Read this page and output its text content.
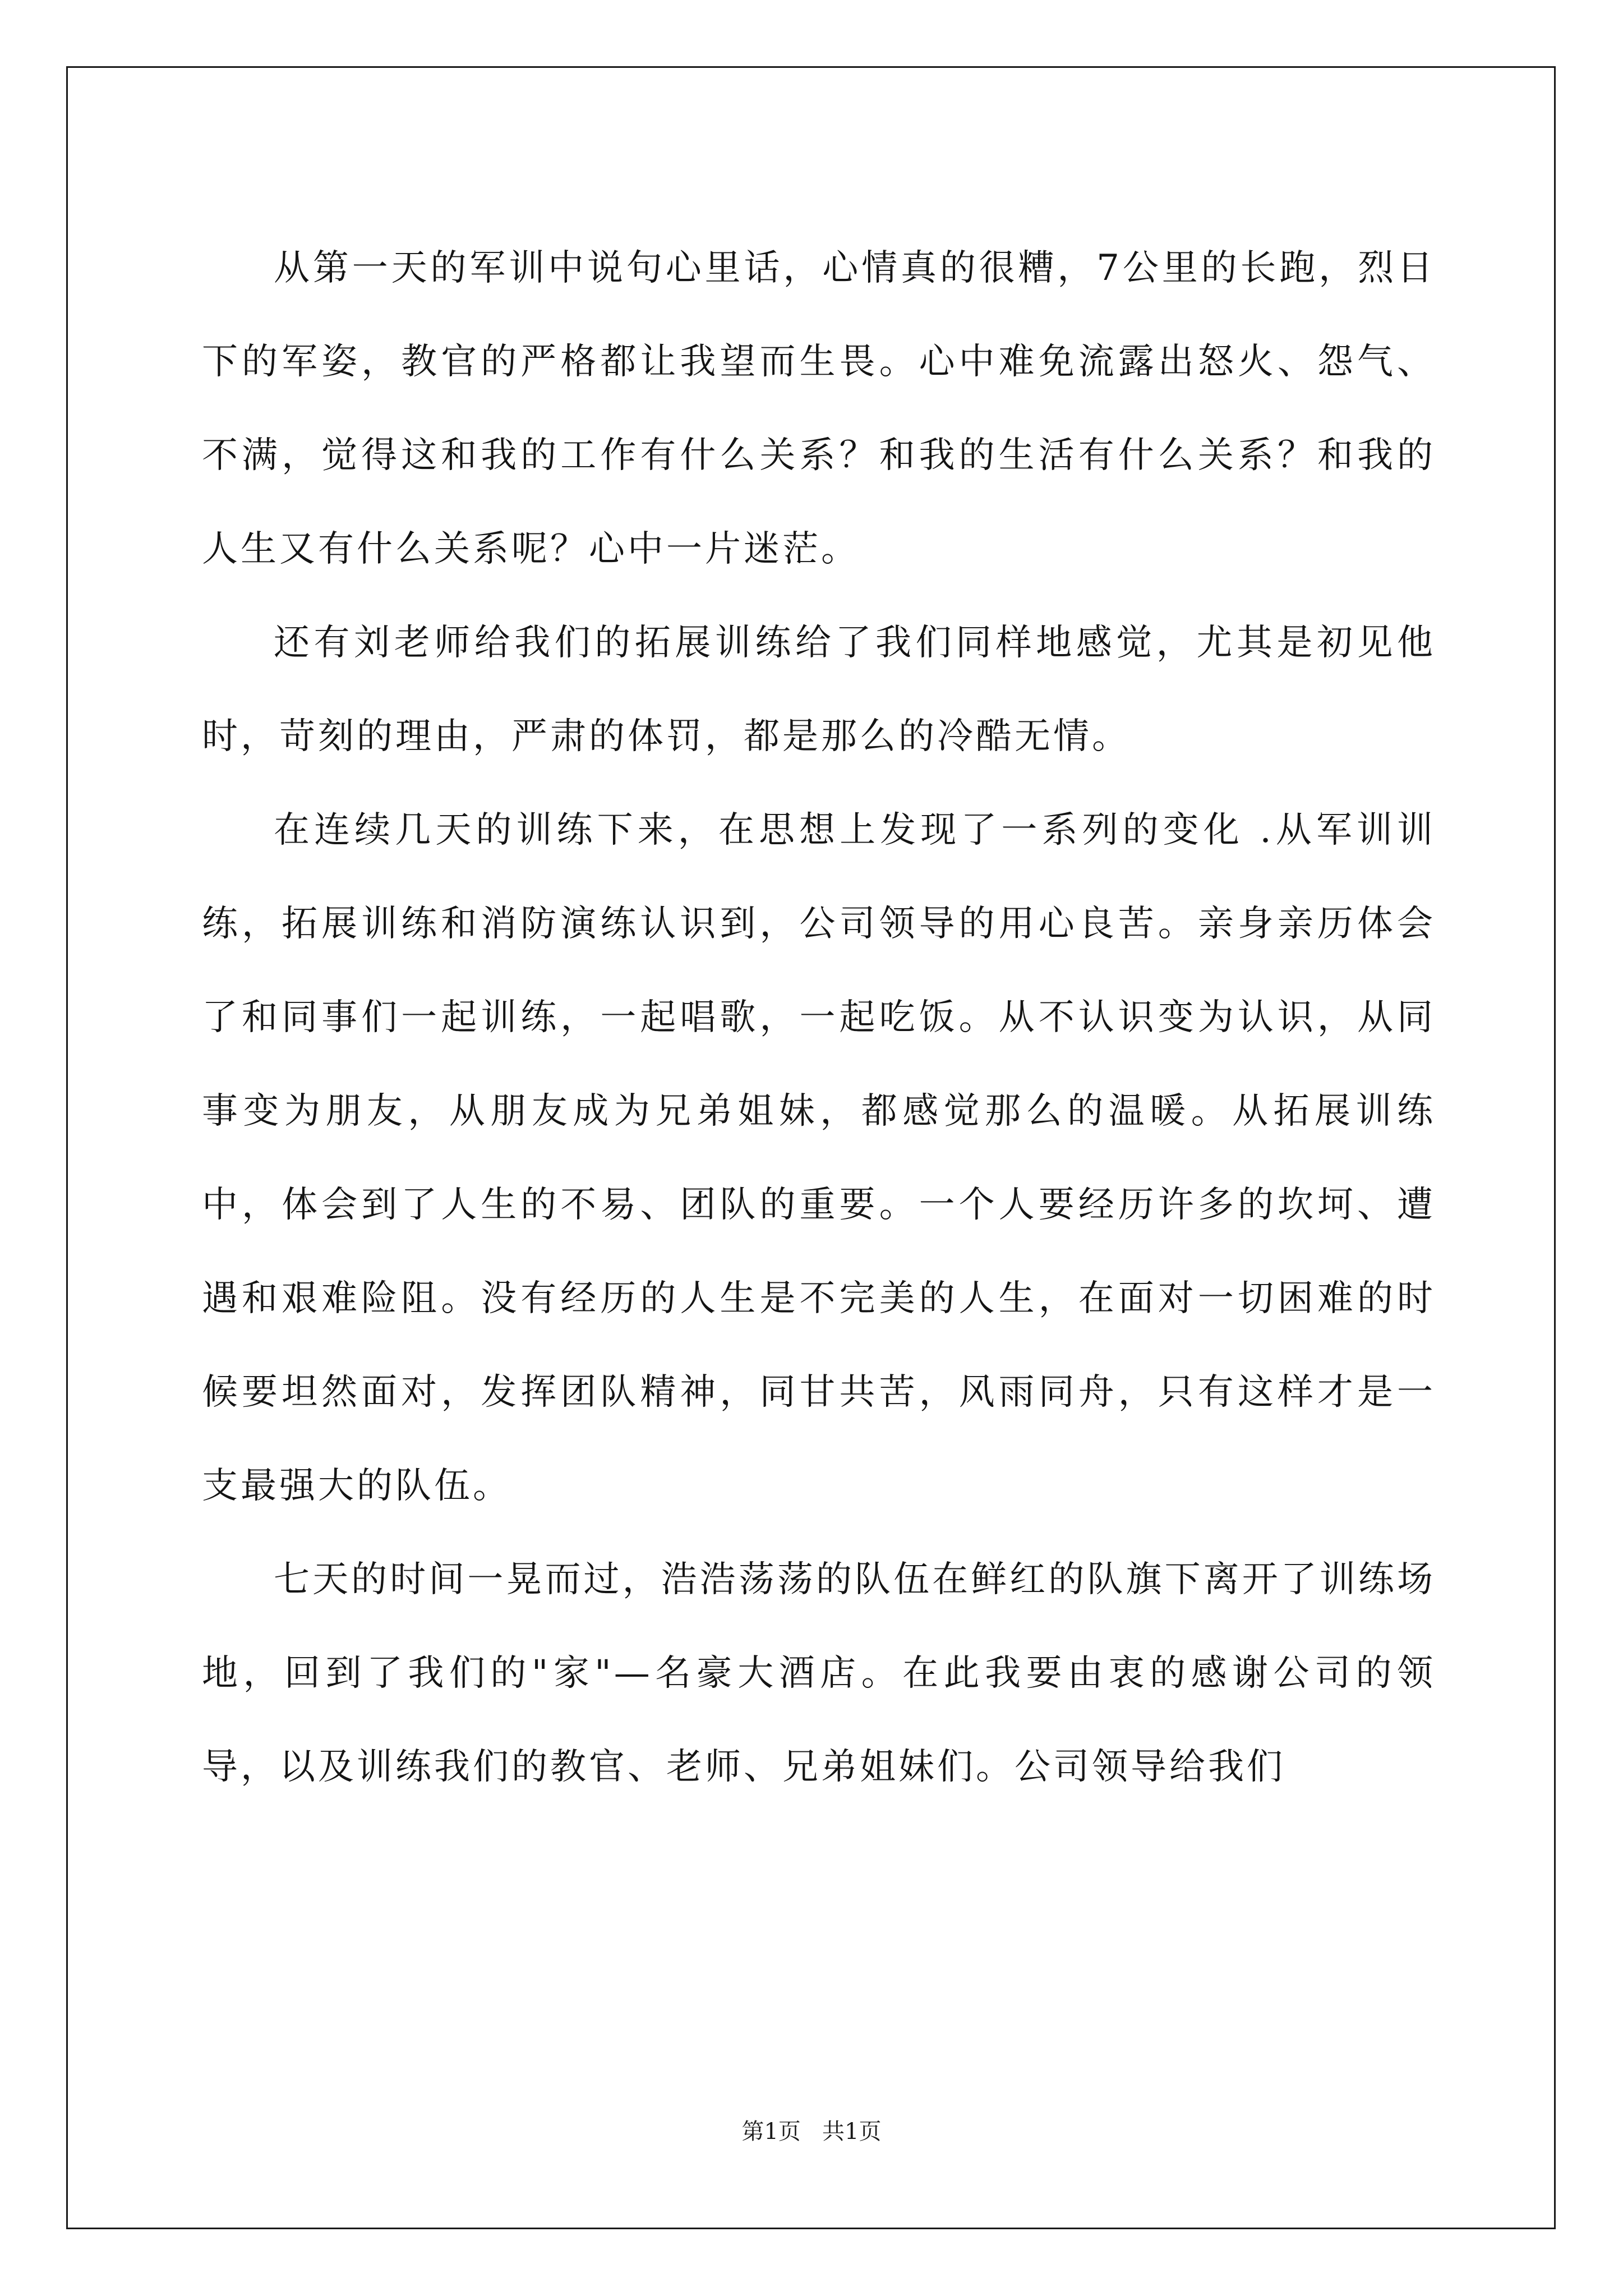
从第一天的军训中说句心里话，心情真的很糟，7公里的长跑，烈日下的军姿，教官的严格都让我望而生畏。心中难免流露出怒火、怨气、不满，觉得这和我的工作有什么关系？和我的生活有什么关系？和我的人生又有什么关系呢？心中一片迷茫。

还有刘老师给我们的拓展训练给了我们同样地感觉，尤其是初见他时，苛刻的理由，严肃的体罚，都是那么的冷酷无情。

在连续几天的训练下来，在思想上发现了一系列的变化 .从军训训练，拓展训练和消防演练认识到，公司领导的用心良苦。亲身亲历体会了和同事们一起训练，一起唱歌，一起吃饭。从不认识变为认识，从同事变为朋友，从朋友成为兄弟姐妹，都感觉那么的温暖。从拓展训练中，体会到了人生的不易、团队的重要。一个人要经历许多的坎坷、遭遇和艰难险阻。没有经历的人生是不完美的人生，在面对一切困难的时候要坦然面对，发挥团队精神，同甘共苦，风雨同舟，只有这样才是一支最强大的队伍。

七天的时间一晃而过，浩浩荡荡的队伍在鲜红的队旗下离开了训练场地，回到了我们的"家"—名豪大酒店。在此我要由衷的感谢公司的领导，以及训练我们的教官、老师、兄弟姐妹们。公司领导给我们

第1页   共1页
